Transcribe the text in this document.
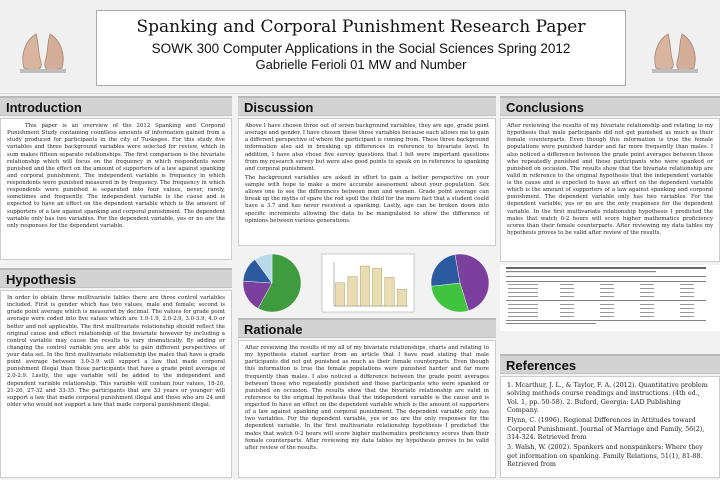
Spanking and Corporal Punishment Research Paper
SOWK 300 Computer Applications in the Social Sciences Spring 2012
Gabrielle Ferioli 01 MW and Number
Introduction

This paper is an overview of the 2012 Spanking and Corporal Punishment Study containing countless amounts of information gained from a study produced for participants in the city of Tuskegee. For this study five variables and three background variables were selected for review, which in sum makes fifteen separate relationships. The first comparison is the bivariate relationship which will focus on the frequency in which respondents were punished and the effect on the amount of supporters of a law against spanking and corporal punishment. The independent variable is frequency in which respondents were punished measured in by frequency. The frequency in which respondents were punished is separated into four values, never, rarely, sometimes and frequently. The independent variable is the cause and is expected to have an effect on the dependent variable which is the amount of supporters of a law against spanking and corporal punishment. The dependent variable only has two variables. For the dependent variable, yes or no are the only responses for the dependent variable.

Hypothesis

In order to obtain three multivariate tables there are three control variables included. First is gender which has two values, male and female; second is grade point average which is measured by decimal. The values for grade point average were coded into five values which are 1.0-1.9, 2.0-2.9, 3.0-3.9, 4.0 or better and not applicable. The first multivariate relationship should reflect the original cause and effect relationship of the bivariate however by including a control variable may cause the results to vary dramatically. By adding or changing the control variable you are able to gain different perspectives of your data set. In the first multivariate relationship the males that have a grade point average between 3.0-3.9 will support a law that made corporal punishment illegal than those participants that have a grade point average of 2.0-2.9. Lastly, the age variable will be added to the independent and dependent variable relationship. This variable will contain four values, 18-20, 21-26, 27-32 and 33-35. The participants that are 33 years or younger will support a law that made corporal punishment illegal and those who are 24 and older who would not support a law that made corporal punishment illegal.

Discussion

Above I have chosen three out of seven background variables, they are age, grade point average and gender. I have chosen these three variables because each allows me to gain a different perspective of where the participant is coming from. These three background information also aid in breaking up differences in reference to bivariate level. In addition, I have also chose five survey questions that I felt were important questions from my research survey but were also good points to speak on in reference to spanking and corporal punishment.

The background variables are asked in effort to gain a better perspective on your sample with hope to make a more accurate assessment about your population. Sex allows one to see the differences between men and women. Grade point average can break up the myths of spare the rod spoil the child for the more fact that a student could have a 3.7 and has never received a spanking. Lastly, age can be broken down into specific increments allowing the data to be manipulated to show the difference of opinions between various generations.

Rationale

After reviewing the results of my all of my bivariate relationships, charts and relating to my hypothesis stated earlier from an article that I have read stating that male participants did not get punished as much as their female counterparts. Even though this information is true the female populations were punished harder and far more frequently than males. I also noticed a difference between the grade point averages between those who repeatedly punished and those participants who were spanked or punished on occasion. The results show that the bivariate relationship are valid in reference to the original hypothesis that the independent variable is the cause and is expected to have an effect on the dependent variable which is the amount of supporters of a law against spanking and corporal punishment. The dependent variable only has two variables. For the dependent variable, yes or no are the only responses for the dependent variable. In the first multivariate relationship hypothesis I predicted the males that watch 0-2 hours will score higher mathematics proficiency scores than their female counterparts. After reviewing my data tables my hypothesis proves to be valid after review of the results.

Conclusions

After reviewing the results of my bivariate relationship and relating to my hypothesis that male participants did not get punished as much as their female counterparts. Even though this information is true the female populations were punished harder and far more frequently than males. I also noticed a difference between the grade point averages between those who repeatedly punished and those participants who were spanked or punished on occasion. The results show that the bivariate relationship are valid in reference to the original hypothesis that the independent variable is the cause and is expected to have an effect on the dependent variable which is the amount of supporters of a law against spanking and corporal punishment. The dependent variable only has two variables. For the dependent variable, yes or no are the only responses for the dependent variable. In the first multivariate relationship hypothesis I predicted the males that watch 0-2 hours will score higher mathematics proficiency scores than their female counterparts. After reviewing my data tables my hypothesis proves to be valid after review of the results.

References

1. Mcarthur, J. L., & Taylor, F. A. (2012). Quantitative problem solving methods course readings and instructions. (4th ed., Vol. 1, pp. 50-58). 2. Buford, Georgia: LAD Publishing Company.

Flynn, C. (1996). Regional Differences in Attitudes toward Corporal Punishment. Journal of Marriage and Family, 56(2), 314-324. Retrieved from

3. Walsh, W. (2002). Spankers and nonspankers: Where they get information on spanking. Family Relations, 51(1), 81-88. Retrieved from
